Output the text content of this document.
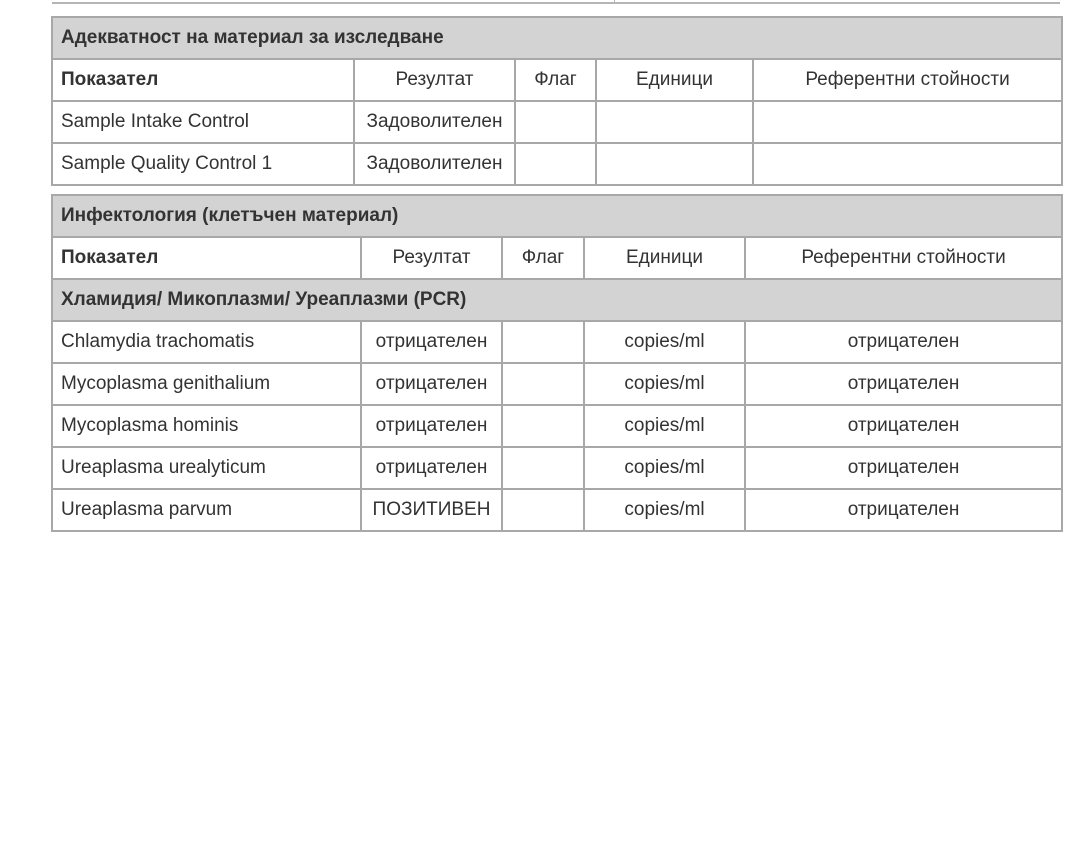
Адекватност на материал за изследване				
Показател	Резултат	Флаг	Единици	Референтни стойности
Sample Intake Control	Задоволителен			
Sample Quality Control 1	Задоволителен			
Инфектология (клетъчен материал)				
Показател	Резултат	Флаг	Единици	Референтни стойности
Хламидия/ Микоплазми/ Уреаплазми (PCR)				
Chlamydia trachomatis	отрицателен		copies/ml	отрицателен
Mycoplasma genithalium	отрицателен		copies/ml	отрицателен
Mycoplasma hominis	отрицателен		copies/ml	отрицателен
Ureaplasma urealyticum	отрицателен		copies/ml	отрицателен
Ureaplasma parvum	ПОЗИТИВЕН		copies/ml	отрицателен
